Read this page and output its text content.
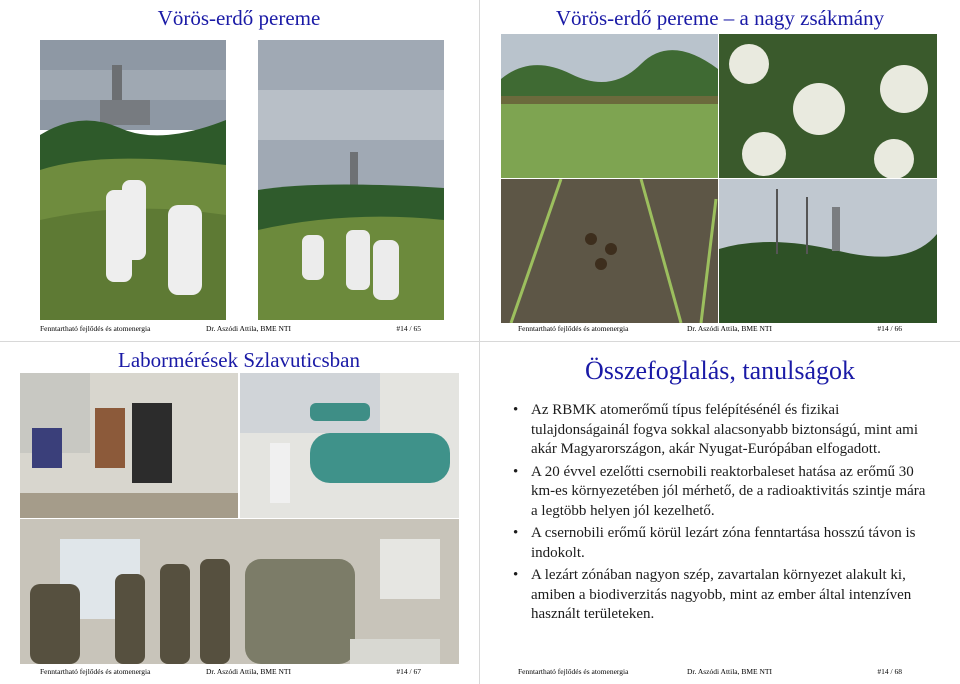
Vörös-erdő pereme
Fenntartható fejlődés és atomenergia	Dr. Aszódi Attila, BME NTI	#14 / 65
Vörös-erdő pereme – a nagy zsákmány
Fenntartható fejlődés és atomenergia	Dr. Aszódi Attila, BME NTI	#14 / 66
Labormérések Szlavuticsban
Fenntartható fejlődés és atomenergia	Dr. Aszódi Attila, BME NTI	#14 / 67
Összefoglalás, tanulságok
• Az RBMK atomerőmű típus felépítésénél és fizikai tulajdonságainál fogva sokkal alacsonyabb biztonságú, mint ami akár Magyarországon, akár Nyugat-Európában elfogadott.
• A 20 évvel ezelőtti csernobili reaktorbaleset hatása az erőmű 30 km-es környezetében jól mérhető, de a radioaktivitás szintje mára a legtöbb helyen jól kezelhető.
• A csernobili erőmű körül lezárt zóna fenntartása hosszú távon is indokolt.
• A lezárt zónában nagyon szép, zavartalan környezet alakult ki, amiben a biodiverzitás nagyobb, mint az ember által intenzíven használt területeken.
Fenntartható fejlődés és atomenergia	Dr. Aszódi Attila, BME NTI	#14 / 68
